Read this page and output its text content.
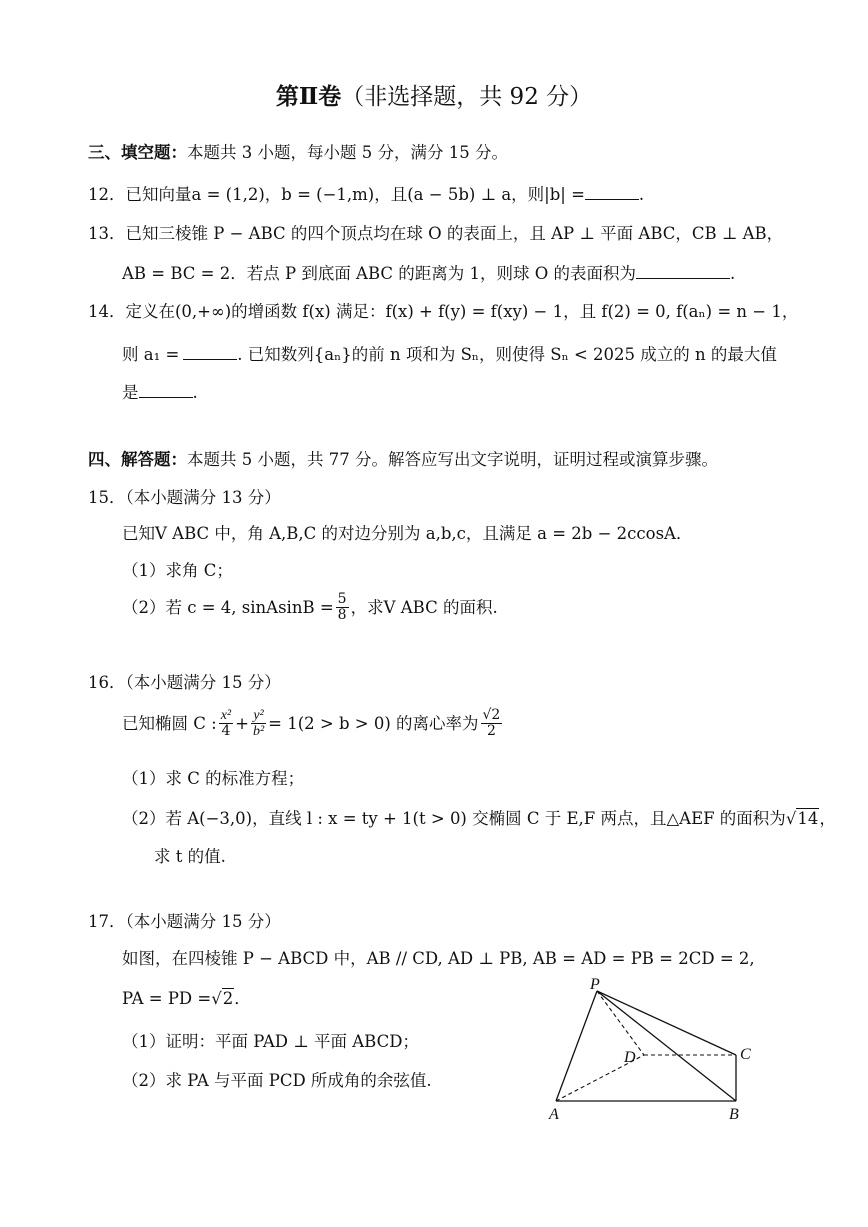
第Ⅱ卷（非选择题，共 92 分）
三、填空题：本题共 3 小题，每小题 5 分，满分 15 分。
12．已知向量a = (1,2)，b = (−1,m)，且(a − 5b) ⊥ a，则|b| =	.
13．已知三棱锥 P − ABC 的四个顶点均在球 O 的表面上，且 AP ⊥ 平面 ABC，CB ⊥ AB，
AB = BC = 2．若点 P 到底面 ABC 的距离为 1，则球 O 的表面积为	.
14．定义在(0,+∞)的增函数 f(x) 满足：f(x) + f(y) = f(xy) − 1，且 f(2) = 0, f(aₙ) = n − 1，
则 a₁ =	. 已知数列{aₙ}的前 n 项和为 Sₙ，则使得 Sₙ < 2025 成立的 n 的最大值
是	.
四、解答题：本题共 5 小题，共 77 分。解答应写出文字说明，证明过程或演算步骤。
15．（本小题满分 13 分）
已知V ABC 中，角 A,B,C 的对边分别为 a,b,c，且满足 a = 2b − 2ccosA．
（1）求角 C；
（2）若 c = 4, sinAsinB = $\frac{5}{8}$ ，求V ABC 的面积.
16．（本小题满分 15 分）
已知椭圆 C : $\frac{\text{x²}}{4} + \frac{\text{y²}}{\text{b²}} = 1(2 > b > 0)$ 的离心率为 $\frac{√2}{2}$
（1）求 C 的标准方程；
（2）若 A(−3,0)，直线 l : x = ty + 1(t > 0) 交椭圆 C 于 E,F 两点，且△AEF 的面积为√14，
求 t 的值.
17．（本小题满分 15 分）
如图，在四棱锥 P − ABCD 中，AB // CD, AD ⊥ PB, AB = AD = PB = 2CD = 2,
PA = PD =√2．
（1）证明：平面 PAD ⊥ 平面 ABCD；
（2）求 PA 与平面 PCD 所成角的余弦值.
P
D	C
A	B
